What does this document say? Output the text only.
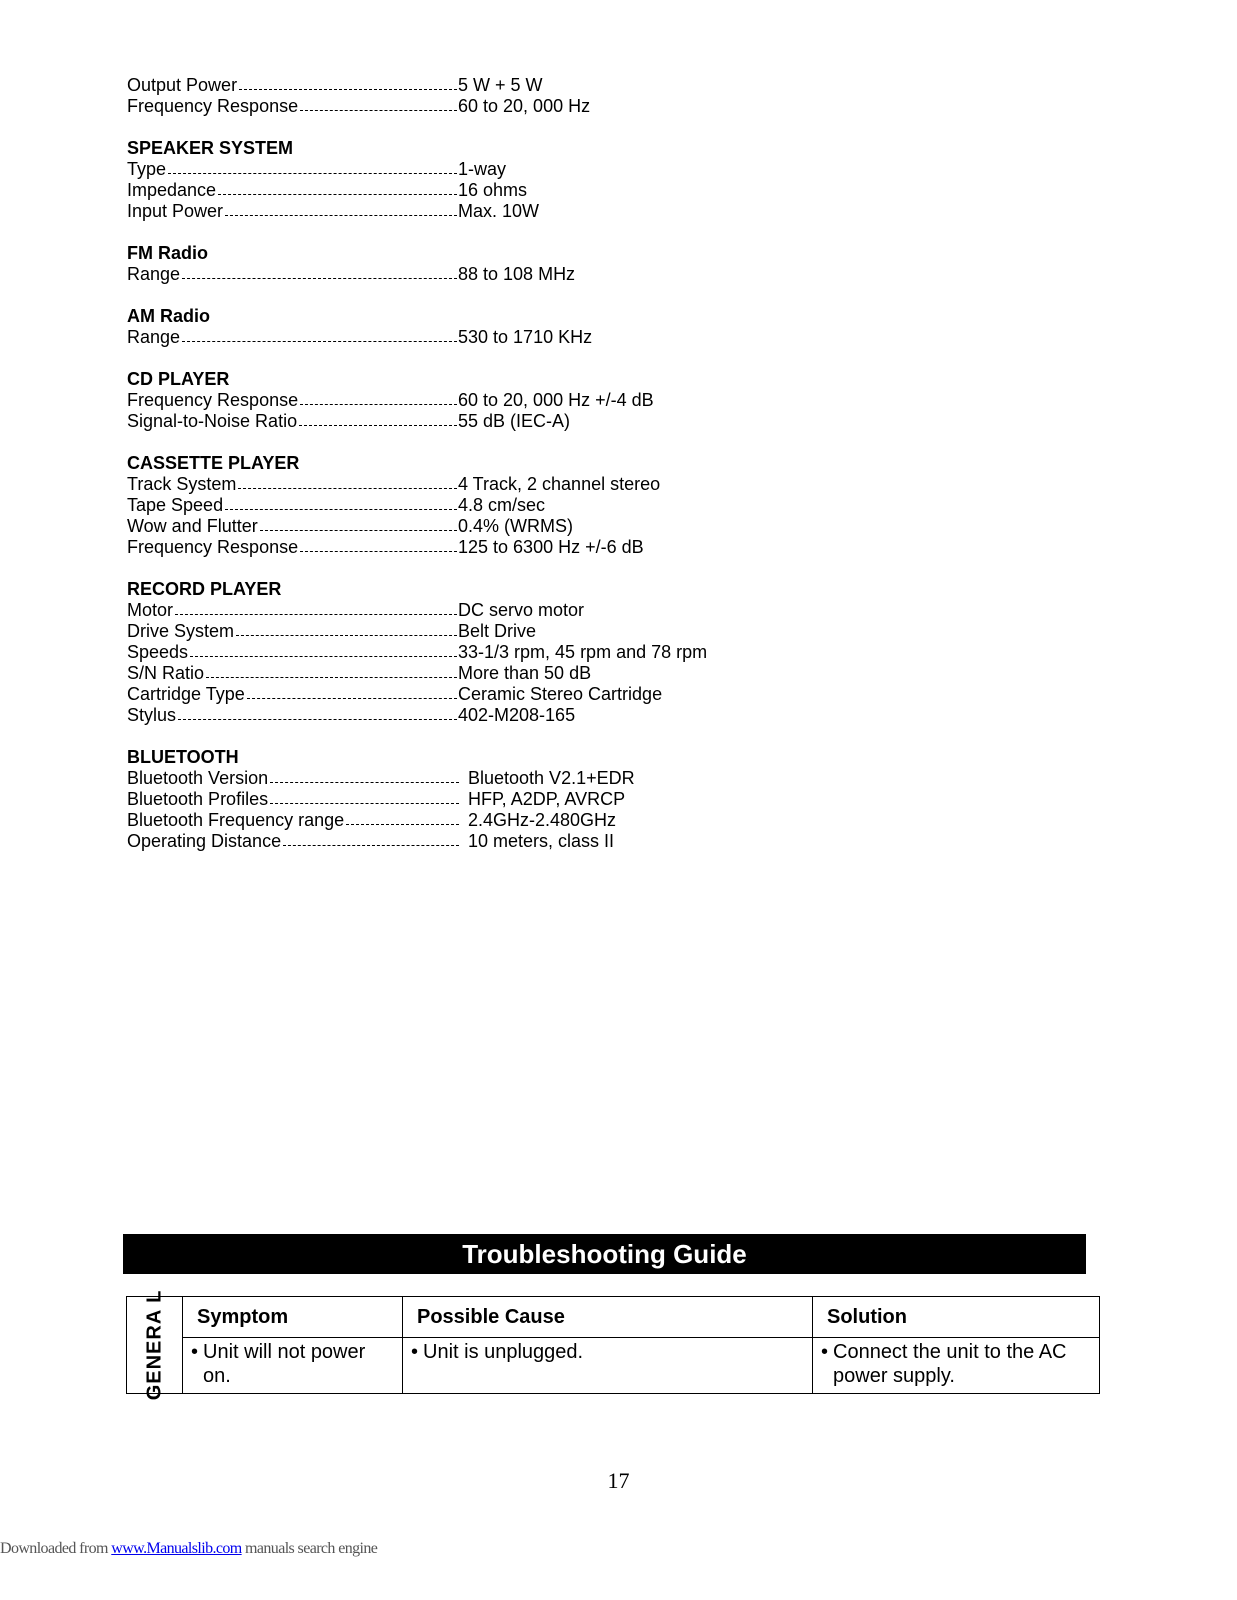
Output Power	5 W + 5 W
Frequency Response	60 to 20, 000 Hz
SPEAKER SYSTEM
Type	1-way
Impedance	16 ohms
Input Power	Max. 10W
FM Radio
Range	88 to 108 MHz
AM Radio
Range	530 to 1710 KHz
CD PLAYER
Frequency Response	60 to 20, 000 Hz +/-4 dB
Signal-to-Noise Ratio	55 dB (IEC-A)
CASSETTE PLAYER
Track System	4 Track, 2 channel stereo
Tape Speed	4.8 cm/sec
Wow and Flutter	0.4% (WRMS)
Frequency Response	125 to 6300 Hz +/-6 dB
RECORD PLAYER
Motor	DC servo motor
Drive System	Belt Drive
Speeds	33-1/3 rpm, 45 rpm and 78 rpm
S/N Ratio	More than 50 dB
Cartridge Type	Ceramic Stereo Cartridge
Stylus	402-M208-165
BLUETOOTH
Bluetooth Version	Bluetooth V2.1+EDR
Bluetooth Profiles	HFP, A2DP, AVRCP
Bluetooth Frequency range	2.4GHz-2.480GHz
Operating Distance	10 meters, class II
Troubleshooting Guide
GENERA L	Symptom	Possible Cause	Solution

	• Unit will not power on.	• Unit is unplugged.	• Connect the unit to the AC power supply.
17
Downloaded from www.Manualslib.com manuals search engine
